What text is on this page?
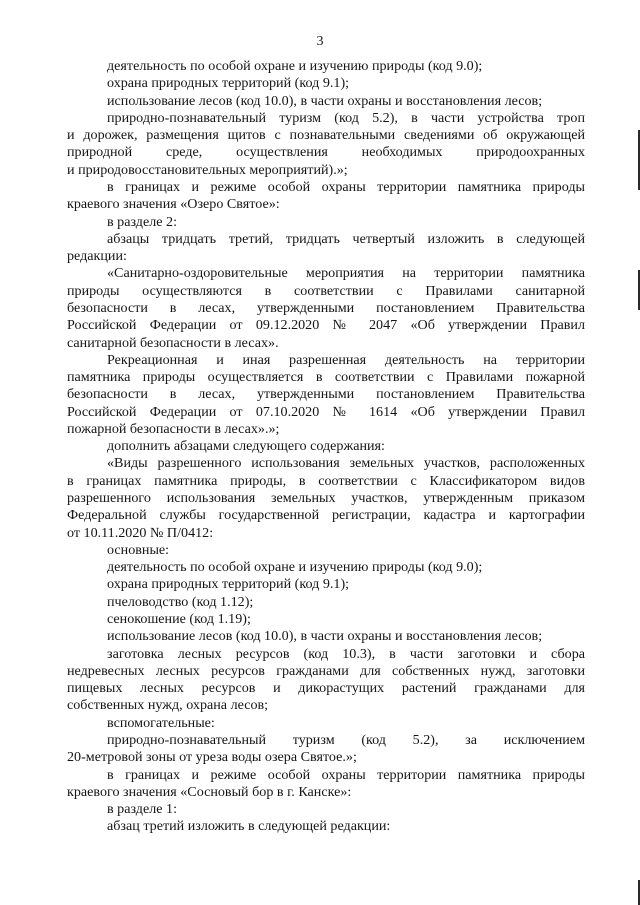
3

деятельность по особой охране и изучению природы (код 9.0);

охрана природных территорий (код 9.1);

использование лесов (код 10.0), в части охраны и восстановления лесов;

природно-познавательный туризм (код 5.2), в части устройства троп

и дорожек, размещения щитов с познавательными сведениями об окружающей

природной среде, осуществления необходимых природоохранных

и природовосстановительных мероприятий).»;

в границах и режиме особой охраны территории памятника природы

краевого значения «Озеро Святое»:

в разделе 2:

абзацы тридцать третий, тридцать четвертый изложить в следующей

редакции:

«Санитарно-оздоровительные мероприятия на территории памятника

природы осуществляются в соответствии с Правилами санитарной

безопасности в лесах, утвержденными постановлением Правительства

Российской Федерации от 09.12.2020 № 2047 «Об утверждении Правил

санитарной безопасности в лесах».

Рекреационная и иная разрешенная деятельность на территории

памятника природы осуществляется в соответствии с Правилами пожарной

безопасности в лесах, утвержденными постановлением Правительства

Российской Федерации от 07.10.2020 № 1614 «Об утверждении Правил

пожарной безопасности в лесах».»;

дополнить абзацами следующего содержания:

«Виды разрешенного использования земельных участков, расположенных

в границах памятника природы, в соответствии с Классификатором видов

разрешенного использования земельных участков, утвержденным приказом

Федеральной службы государственной регистрации, кадастра и картографии

от 10.11.2020 № П/0412:

основные:

деятельность по особой охране и изучению природы (код 9.0);

охрана природных территорий (код 9.1);

пчеловодство (код 1.12);

сенокошение (код 1.19);

использование лесов (код 10.0), в части охраны и восстановления лесов;

заготовка лесных ресурсов (код 10.3), в части заготовки и сбора

недревесных лесных ресурсов гражданами для собственных нужд, заготовки

пищевых лесных ресурсов и дикорастущих растений гражданами для

собственных нужд, охрана лесов;

вспомогательные:

природно-познавательный туризм (код 5.2), за исключением

20-метровой зоны от уреза воды озера Святое.»;

в границах и режиме особой охраны территории памятника природы

краевого значения «Сосновый бор в г. Канске»:

в разделе 1:

абзац третий изложить в следующей редакции:
